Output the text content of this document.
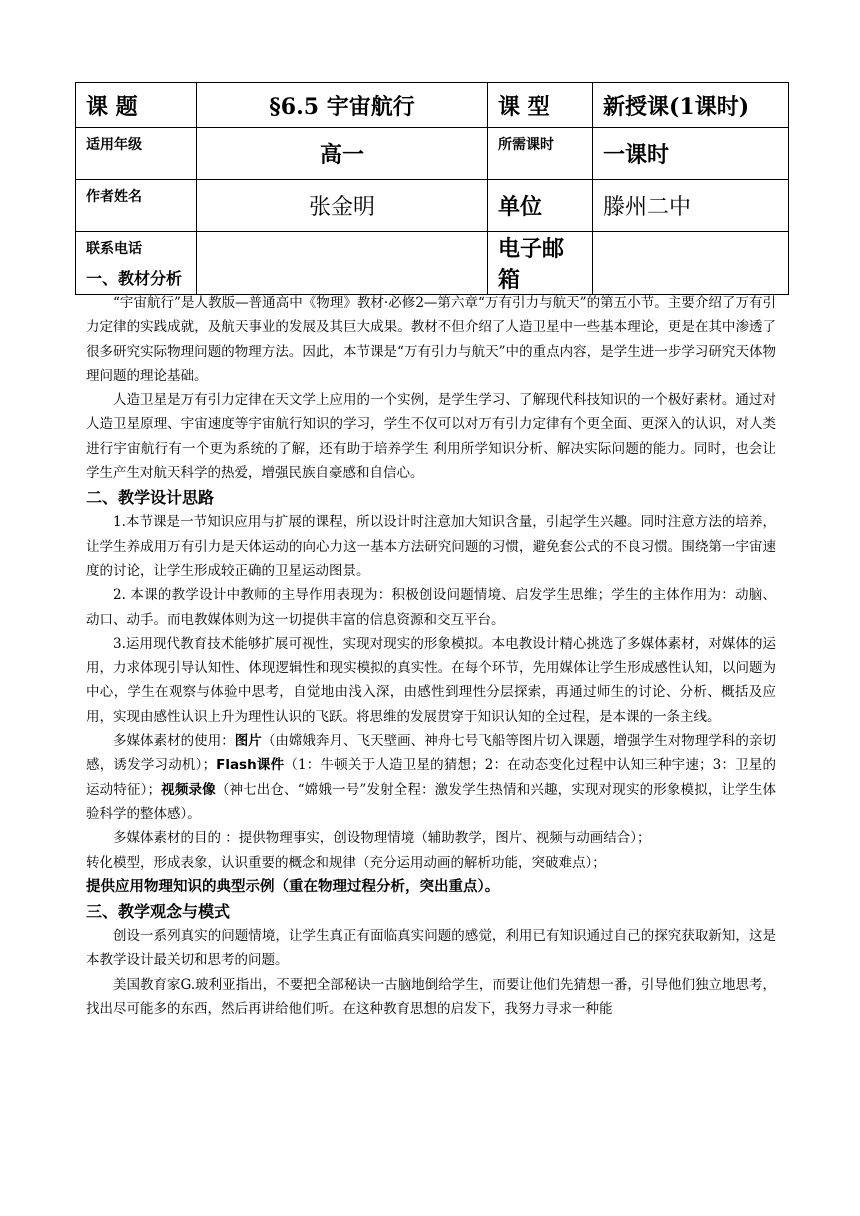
课 题	§6.5 宇宙航行	课 型	新授课(1课时)
适用年级	高一	所需课时	一课时
作者姓名	张金明	单位	滕州二中
联系电话		电子邮箱	
一、教材分析

“宇宙航行”是人教版—普通高中《物理》教材·必修2—第六章“万有引力与航天”的第五小节。主要介绍了万有引力定律的实践成就，及航天事业的发展及其巨大成果。教材不但介绍了人造卫星中一些基本理论，更是在其中渗透了很多研究实际物理问题的物理方法。因此，本节课是“万有引力与航天”中的重点内容，是学生进一步学习研究天体物理问题的理论基础。

人造卫星是万有引力定律在天文学上应用的一个实例，是学生学习、了解现代科技知识的一个极好素材。通过对人造卫星原理、宇宙速度等宇宙航行知识的学习，学生不仅可以对万有引力定律有个更全面、更深入的认识，对人类进行宇宙航行有一个更为系统的了解，还有助于培养学生 利用所学知识分析、解决实际问题的能力。同时，也会让学生产生对航天科学的热爱，增强民族自豪感和自信心。

二、教学设计思路

1.本节课是一节知识应用与扩展的课程，所以设计时注意加大知识含量，引起学生兴趣。同时注意方法的培养，让学生养成用万有引力是天体运动的向心力这一基本方法研究问题的习惯，避免套公式的不良习惯。围绕第一宇宙速度的讨论，让学生形成较正确的卫星运动图景。

2. 本课的教学设计中教师的主导作用表现为：积极创设问题情境、启发学生思维；学生的主体作用为：动脑、动口、动手。而电教媒体则为这一切提供丰富的信息资源和交互平台。

3.运用现代教育技术能够扩展可视性，实现对现实的形象模拟。本电教设计精心挑选了多媒体素材，对媒体的运用，力求体现引导认知性、体现逻辑性和现实模拟的真实性。在每个环节，先用媒体让学生形成感性认知，以问题为中心，学生在观察与体验中思考，自觉地由浅入深，由感性到理性分层探索，再通过师生的讨论、分析、概括及应用，实现由感性认识上升为理性认识的飞跃。将思维的发展贯穿于知识认知的全过程，是本课的一条主线。

多媒体素材的使用：图片（由嫦娥奔月、飞天壁画、神舟七号飞船等图片切入课题，增强学生对物理学科的亲切感，诱发学习动机）；Flash课件（1：牛顿关于人造卫星的猜想；2：在动态变化过程中认知三种宇速；3：卫星的运动特征）；视频录像（神七出仓、“嫦娥一号”发射全程：激发学生热情和兴趣，实现对现实的形象模拟，让学生体验科学的整体感）。

多媒体素材的目的 ：提供物理事实，创设物理情境（辅助教学，图片、视频与动画结合）；

转化模型，形成表象，认识重要的概念和规律（充分运用动画的解析功能，突破难点）；

提供应用物理知识的典型示例（重在物理过程分析，突出重点）。

三、教学观念与模式

创设一系列真实的问题情境，让学生真正有面临真实问题的感觉，利用已有知识通过自己的探究获取新知，这是本教学设计最关切和思考的问题。

美国教育家G.玻利亚指出，不要把全部秘诀一古脑地倒给学生，而要让他们先猜想一番，引导他们独立地思考，找出尽可能多的东西，然后再讲给他们听。在这种教育思想的启发下，我努力寻求一种能
